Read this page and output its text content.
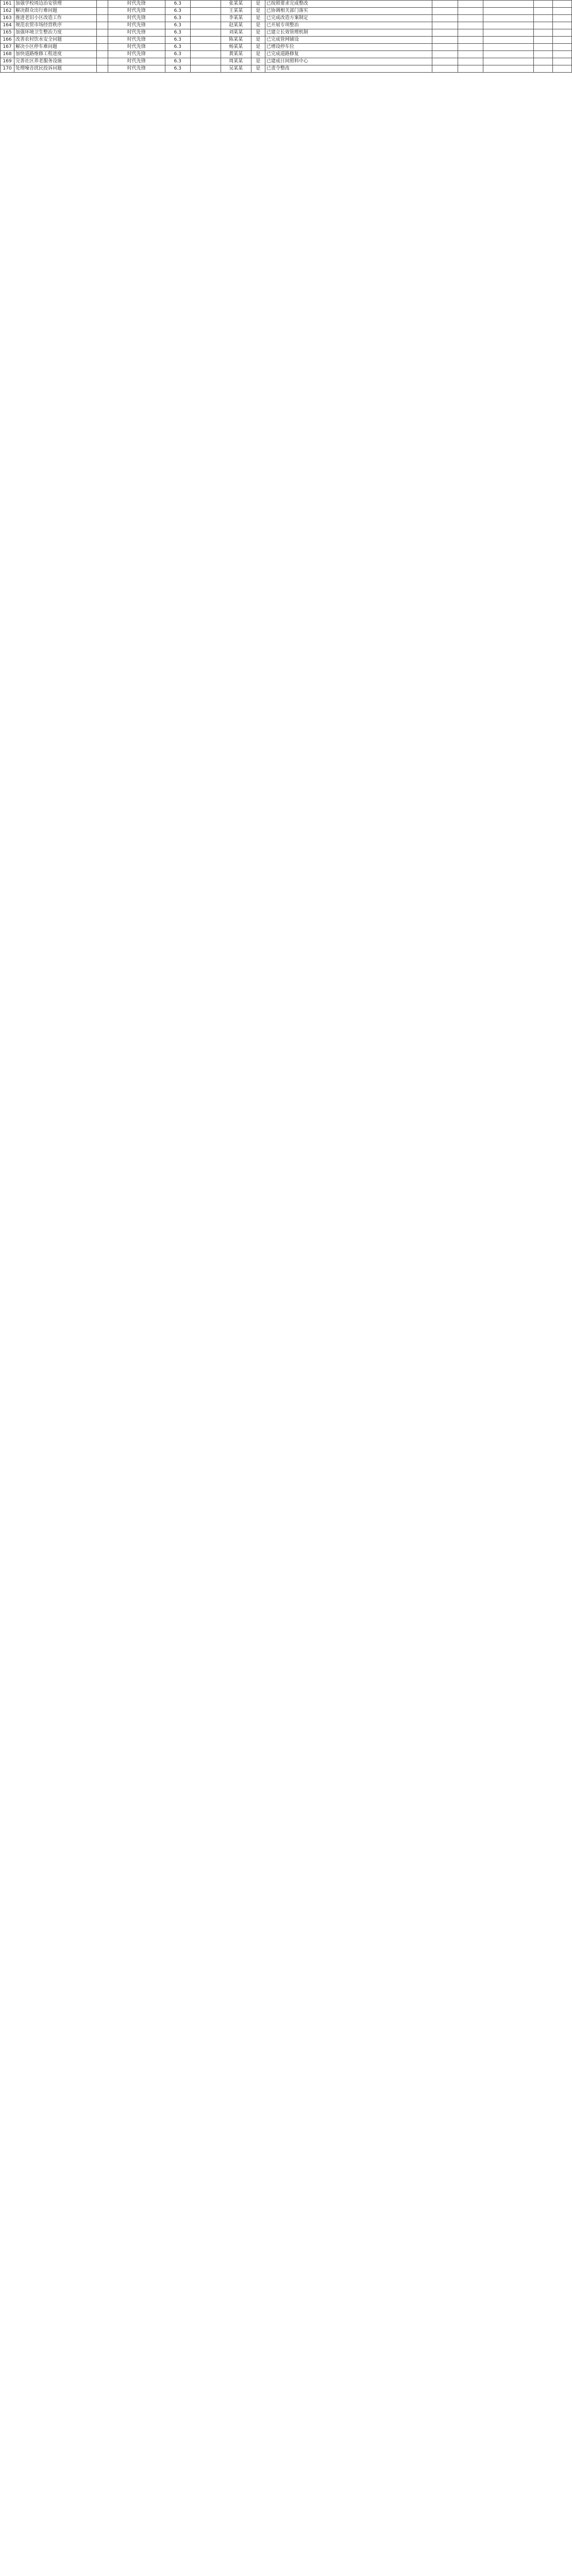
161	加强学校周边治安管理		时代先锋	6.3		张某某	是	已按照要求完成整改					
162	解决群众出行难问题		时代先锋	6.3		王某某	是	已协调相关部门落实					
163	推进老旧小区改造工作		时代先锋	6.3		李某某	是	已完成改造方案制定					
164	规范农贸市场经营秩序		时代先锋	6.3		赵某某	是	已开展专项整治					
165	加强环境卫生整治力度		时代先锋	6.3		刘某某	是	已建立长效管理机制					
166	改善农村饮水安全问题		时代先锋	6.3		陈某某	是	已完成管网铺设					
167	解决小区停车难问题		时代先锋	6.3		杨某某	是	已增设停车位					
168	加快道路维修工程进度		时代先锋	6.3		黄某某	是	已完成道路修复					
169	完善社区养老服务设施		时代先锋	6.3		周某某	是	已建成日间照料中心					
170	处理噪音扰民投诉问题		时代先锋	6.3		吴某某	是	已责令整改					
